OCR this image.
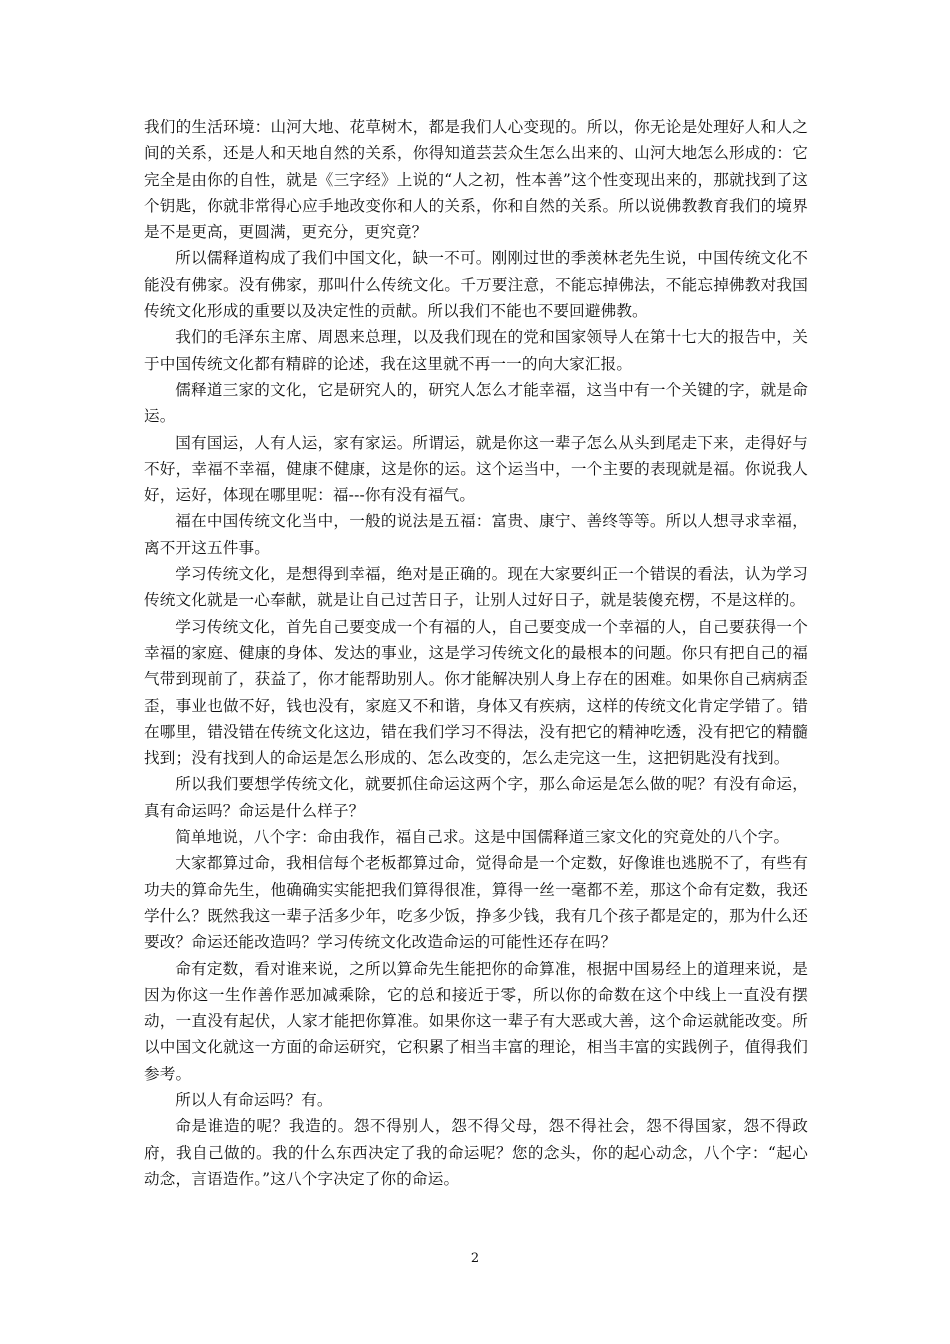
我们的生活环境：山河大地、花草树木，都是我们人心变现的。所以，你无论是处理好人和人之间的关系，还是人和天地自然的关系，你得知道芸芸众生怎么出来的、山河大地怎么形成的：它完全是由你的自性，就是《三字经》上说的“人之初，性本善”这个性变现出来的，那就找到了这个钥匙，你就非常得心应手地改变你和人的关系，你和自然的关系。所以说佛教教育我们的境界是不是更高，更圆满，更充分，更究竟？

所以儒释道构成了我们中国文化，缺一不可。刚刚过世的季羡林老先生说，中国传统文化不能没有佛家。没有佛家，那叫什么传统文化。千万要注意，不能忘掉佛法，不能忘掉佛教对我国传统文化形成的重要以及决定性的贡献。所以我们不能也不要回避佛教。

我们的毛泽东主席、周恩来总理，以及我们现在的党和国家领导人在第十七大的报告中，关于中国传统文化都有精辟的论述，我在这里就不再一一的向大家汇报。

儒释道三家的文化，它是研究人的，研究人怎么才能幸福，这当中有一个关键的字，就是命运。

国有国运，人有人运，家有家运。所谓运，就是你这一辈子怎么从头到尾走下来，走得好与不好，幸福不幸福，健康不健康，这是你的运。这个运当中，一个主要的表现就是福。你说我人好，运好，体现在哪里呢：福---你有没有福气。

福在中国传统文化当中，一般的说法是五福：富贵、康宁、善终等等。所以人想寻求幸福，离不开这五件事。

学习传统文化，是想得到幸福，绝对是正确的。现在大家要纠正一个错误的看法，认为学习传统文化就是一心奉献，就是让自己过苦日子，让别人过好日子，就是装傻充楞，不是这样的。

学习传统文化，首先自己要变成一个有福的人，自己要变成一个幸福的人，自己要获得一个幸福的家庭、健康的身体、发达的事业，这是学习传统文化的最根本的问题。你只有把自己的福气带到现前了，获益了，你才能帮助别人。你才能解决别人身上存在的困难。如果你自己病病歪歪，事业也做不好，钱也没有，家庭又不和谐，身体又有疾病，这样的传统文化肯定学错了。错在哪里，错没错在传统文化这边，错在我们学习不得法，没有把它的精神吃透，没有把它的精髓找到；没有找到人的命运是怎么形成的、怎么改变的，怎么走完这一生，这把钥匙没有找到。

所以我们要想学传统文化，就要抓住命运这两个字，那么命运是怎么做的呢？有没有命运，真有命运吗？命运是什么样子？

简单地说，八个字：命由我作，福自己求。这是中国儒释道三家文化的究竟处的八个字。

大家都算过命，我相信每个老板都算过命，觉得命是一个定数，好像谁也逃脱不了，有些有功夫的算命先生，他确确实实能把我们算得很准，算得一丝一毫都不差，那这个命有定数，我还学什么？既然我这一辈子活多少年，吃多少饭，挣多少钱，我有几个孩子都是定的，那为什么还要改？命运还能改造吗？学习传统文化改造命运的可能性还存在吗？

命有定数，看对谁来说，之所以算命先生能把你的命算准，根据中国易经上的道理来说，是因为你这一生作善作恶加减乘除，它的总和接近于零，所以你的命数在这个中线上一直没有摆动，一直没有起伏，人家才能把你算准。如果你这一辈子有大恶或大善，这个命运就能改变。所以中国文化就这一方面的命运研究，它积累了相当丰富的理论，相当丰富的实践例子，值得我们参考。

所以人有命运吗？有。

命是谁造的呢？我造的。怨不得别人，怨不得父母，怨不得社会，怨不得国家，怨不得政府，我自己做的。我的什么东西决定了我的命运呢？您的念头，你的起心动念，八个字：“起心动念，言语造作。”这八个字决定了你的命运。

2
